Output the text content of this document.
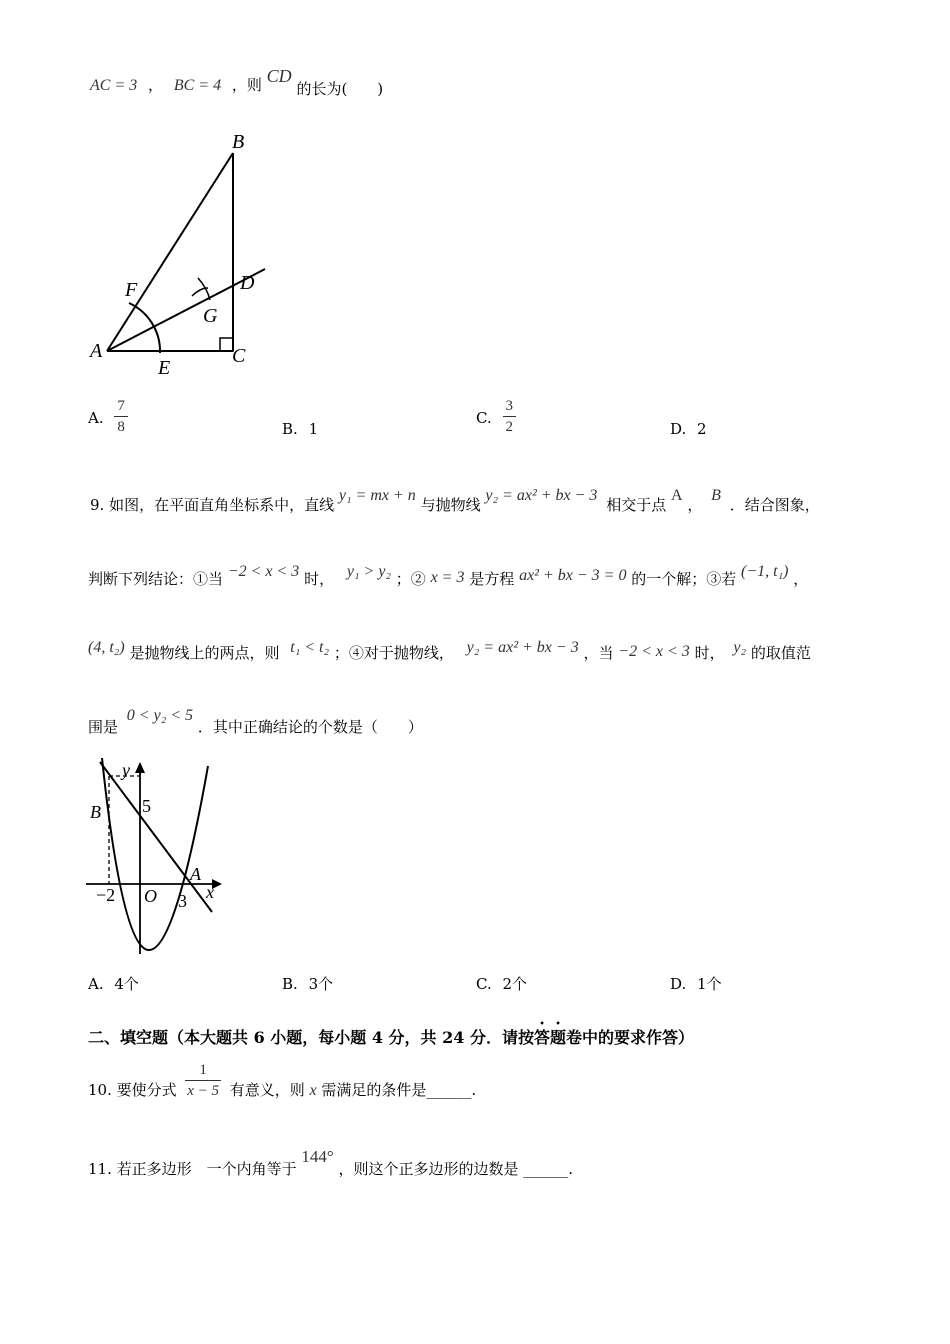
AC = 3 ， BC = 4 ，则 CD 的长为(　　)
B
D
F
G
A
E
C
A. $\frac{7}{8}$	B. 1
C. $\frac{3}{2}$	D. 2
9. 如图，在平面直角坐标系中，直线 y₁ = mx + n 与抛物线 y₂ = ax² + bx − 3 相交于点 A ， B ．结合图象，
判断下列结论：①当 −2 < x < 3 时， y₁ > y₂ ；② x = 3 是方程 ax² + bx − 3 = 0 的一个解；③若 (−1, t₁) ，
(4, t₂) 是抛物线上的两点，则 t₁ < t₂ ；④对于抛物线， y₂ = ax² + bx − 3 ，当 −2 < x < 3 时， y₂ 的取值范
围是 0 < y₂ < 5 ．其中正确结论的个数是（　　）
y
5
B
A
x
−2 O 3
A. 4个	B. 3个	C. 2个	D. 1个
二、填空题（本大题共 6 小题，每小题 4 分，共 24 分．请按答题卷中的要求作答）
10. 要使分式 $\frac{1}{x - 5}$ 有意义，则 x 需满足的条件是______.
11. 若正多边形　一个内角等于 144° ，则这个正多边形的边数是 ______.
